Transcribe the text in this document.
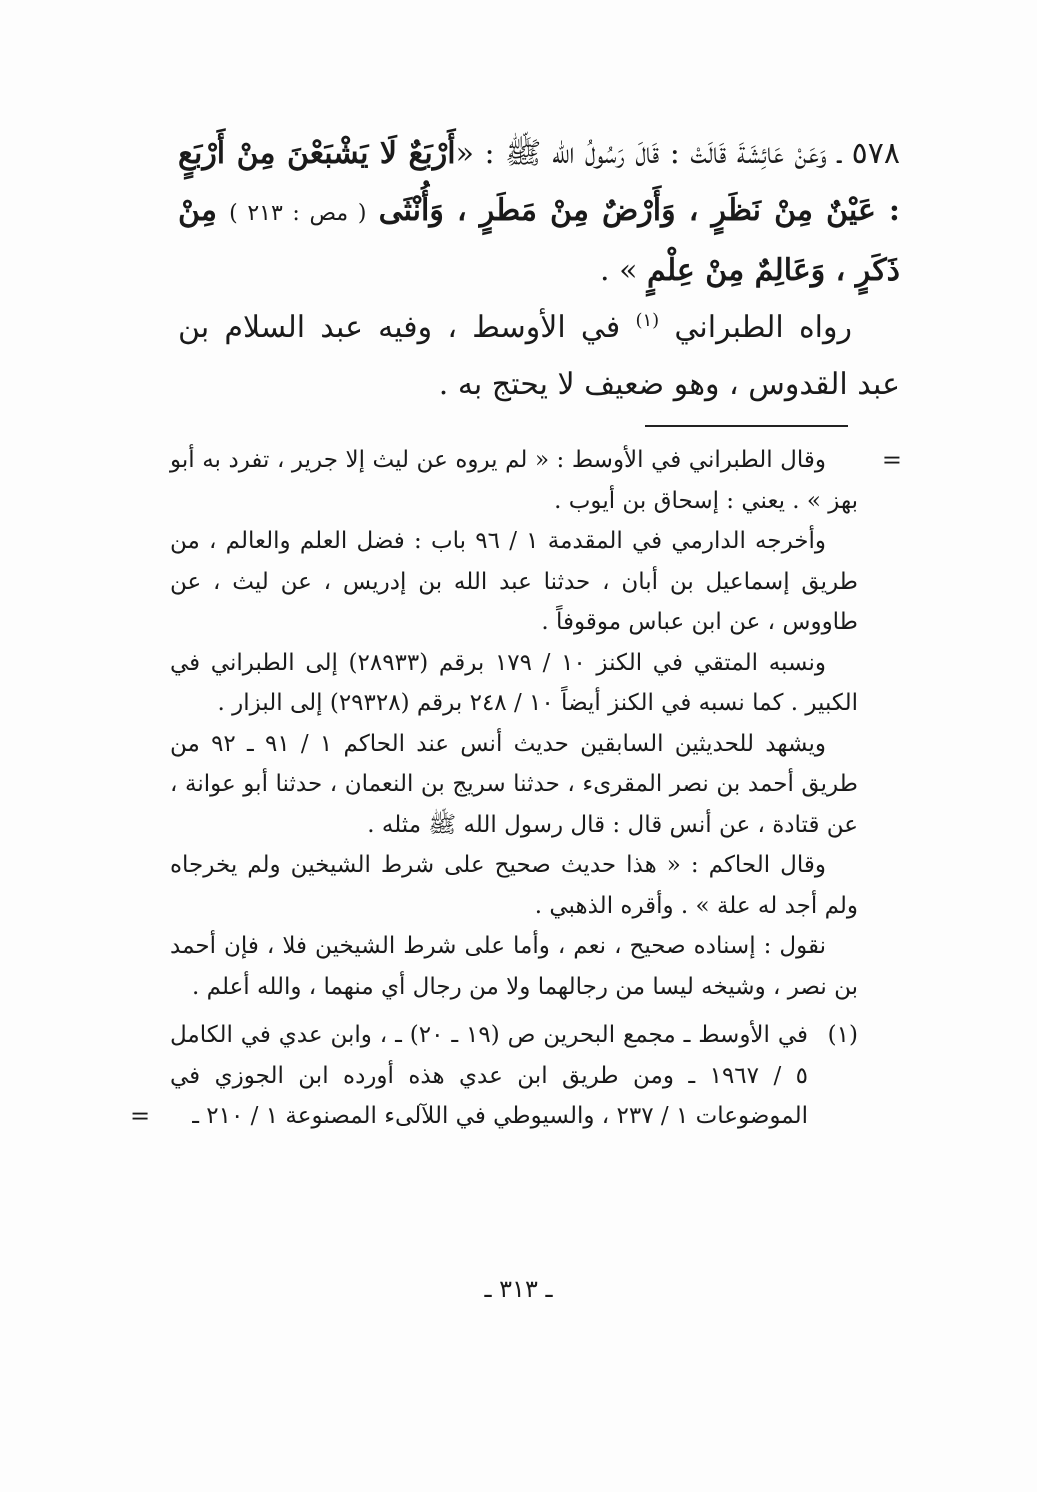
٥٧٨ ـ وَعَنْ عَائِشَةَ قَالَتْ : قَالَ رَسُولُ الله ﷺ : «أَرْبَعٌ لَا يَشْبَعْنَ مِنْ أَرْبَعٍ : عَيْنٌ مِنْ نَظَرٍ ، وَأَرْضٌ مِنْ مَطَرٍ ، وَأُنْثَى ( مص : ٢١٣ ) مِنْ ذَكَرٍ ، وَعَالِمٌ مِنْ عِلْمٍ » .

رواه الطبراني $^{(١)}$ في الأوسط ، وفيه عبد السلام بن عبد القدوس ، وهو ضعيف لا يحتج به .

=

وقال الطبراني في الأوسط : « لم يروه عن ليث إلا جرير ، تفرد به أبو بهز » . يعني : إسحاق بن أيوب .

وأخرجه الدارمي في المقدمة ١ / ٩٦ باب : فضل العلم والعالم ، من طريق إسماعيل بن أبان ، حدثنا عبد الله بن إدريس ، عن ليث ، عن طاووس ، عن ابن عباس موقوفاً .

ونسبه المتقي في الكنز ١٠ / ١٧٩ برقم (٢٨٩٣٣) إلى الطبراني في الكبير . كما نسبه في الكنز أيضاً ١٠ / ٢٤٨ برقم (٢٩٣٢٨) إلى البزار .

ويشهد للحديثين السابقين حديث أنس عند الحاكم ١ / ٩١ ـ ٩٢ من طريق أحمد بن نصر المقرىء ، حدثنا سريج بن النعمان ، حدثنا أبو عوانة ، عن قتادة ، عن أنس قال : قال رسول الله ﷺ مثله .

وقال الحاكم : « هذا حديث صحيح على شرط الشيخين ولم يخرجاه ولم أجد له علة » . وأقره الذهبي .

نقول : إسناده صحيح ، نعم ، وأما على شرط الشيخين فلا ، فإن أحمد بن نصر ، وشيخه ليسا من رجالهما ولا من رجال أي منهما ، والله أعلم .

(١)
في الأوسط ـ مجمع البحرين ص (١٩ ـ ٢٠) ـ ، وابن عدي في الكامل ٥ / ١٩٦٧ ـ ومن طريق ابن عدي هذه أورده ابن الجوزي في الموضوعات ١ / ٢٣٧ ، والسيوطي في اللآلىء المصنوعة ١ / ٢١٠ ـ
=

ـ ٣١٣ ـ
